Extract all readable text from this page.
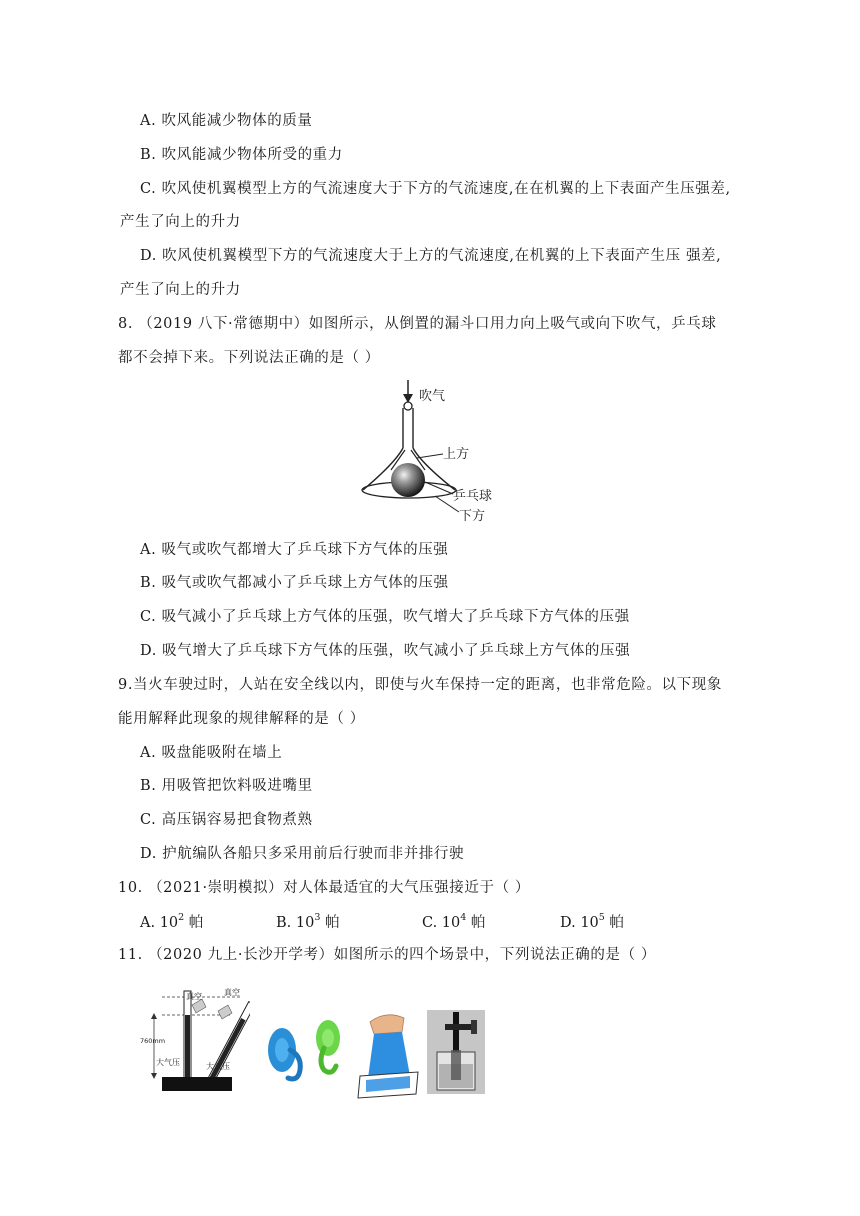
A. 吹风能减少物体的质量
B. 吹风能减少物体所受的重力
C. 吹风使机翼模型上方的气流速度大于下方的气流速度,在在机翼的上下表面产生压强差,
产生了向上的升力
D. 吹风使机翼模型下方的气流速度大于上方的气流速度,在机翼的上下表面产生压 强差,
产生了向上的升力
8. （2019 八下·常德期中）如图所示，从倒置的漏斗口用力向上吸气或向下吹气，乒乓球
都不会掉下来。下列说法正确的是（ ）
吹气
上方
乒乓球
下方
A. 吸气或吹气都增大了乒乓球下方气体的压强
B. 吸气或吹气都减小了乒乓球上方气体的压强
C. 吸气减小了乒乓球上方气体的压强，吹气增大了乒乓球下方气体的压强
D. 吸气增大了乒乓球下方气体的压强，吹气减小了乒乓球上方气体的压强
9.当火车驶过时，人站在安全线以内，即使与火车保持一定的距离，也非常危险。以下现象
能用解释此现象的规律解释的是（ ）
A. 吸盘能吸附在墙上
B. 用吸管把饮料吸进嘴里
C. 高压锅容易把食物煮熟
D. 护航编队各船只多采用前后行驶而非并排行驶
10. （2021·崇明模拟）对人体最适宜的大气压强接近于（ ）
A. $10^2$ 帕	B. $10^3$ 帕	C. $10^4$ 帕	D. $10^5$ 帕
11. （2020 九上·长沙开学考）如图所示的四个场景中，下列说法正确的是（ ）
真空	真空
760mm
大气压	大气压
